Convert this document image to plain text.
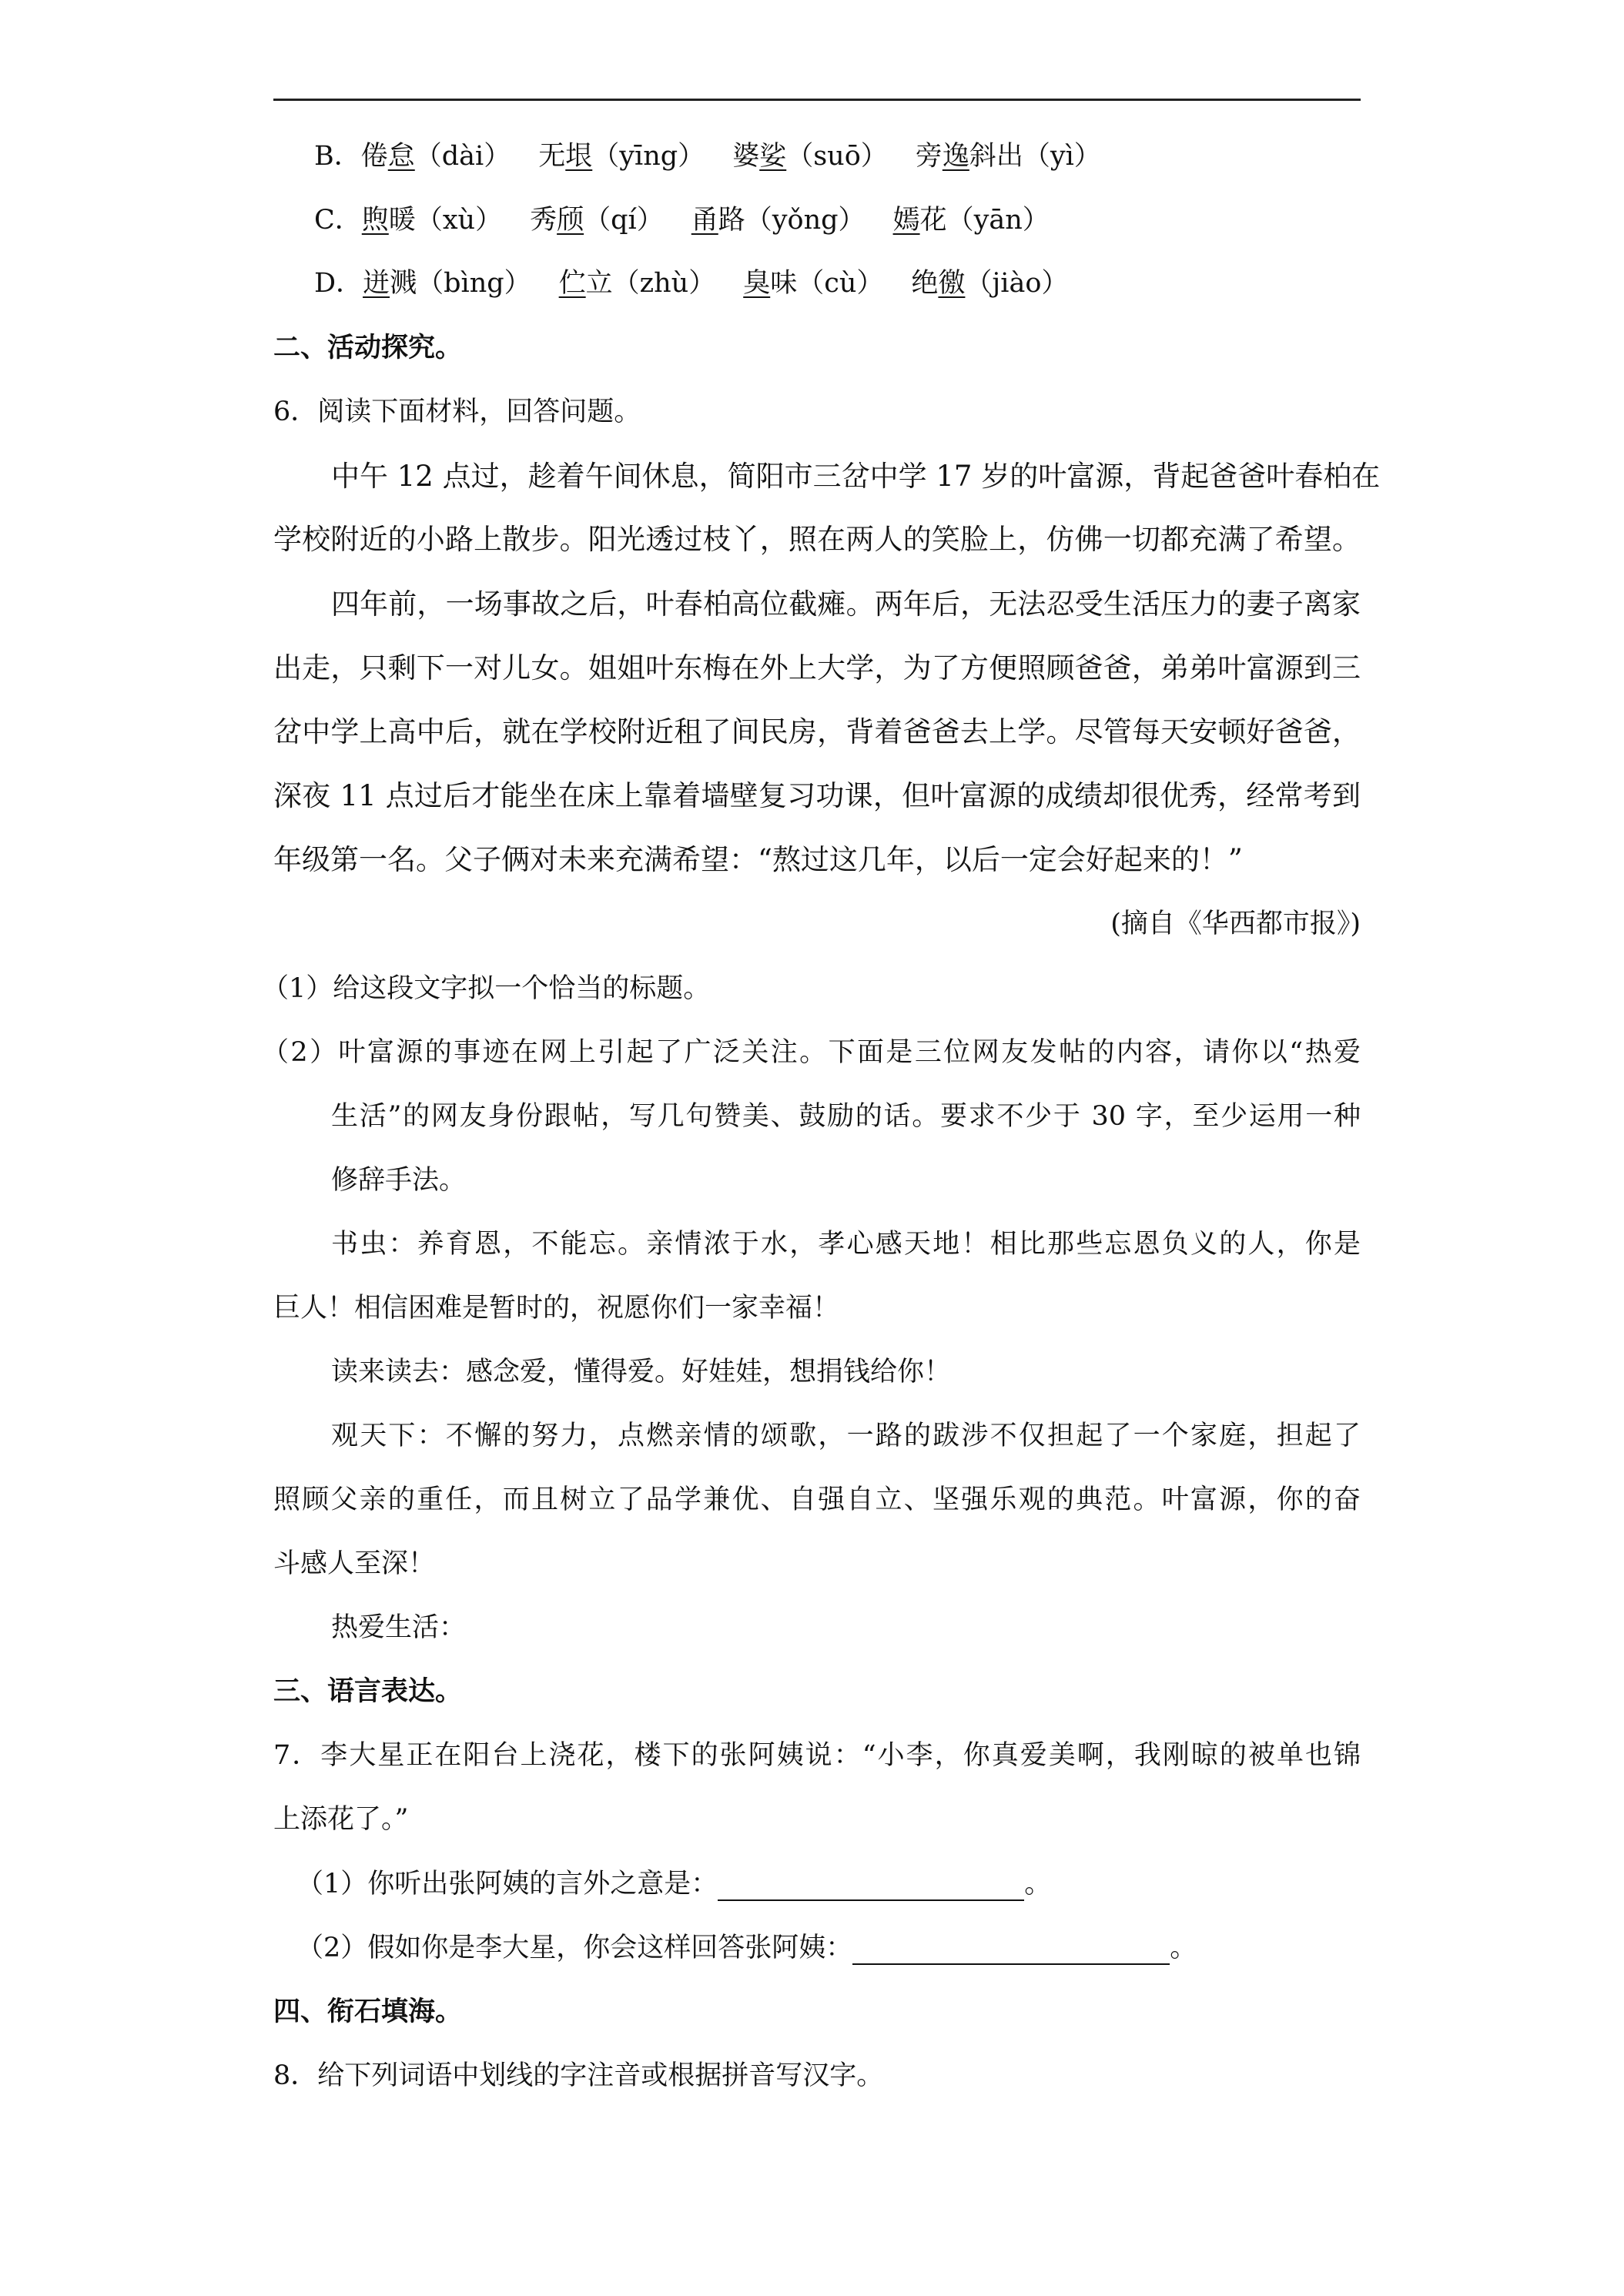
B．倦怠（dài） 无垠（yīng） 婆娑（suō） 旁逸斜出（yì）
C．煦暖（xù） 秀颀（qí） 甬路（yǒng） 嫣花（yān）
D．迸溅（bìng） 伫立（zhù） 臭味（cù） 绝徼（jiào）
二、活动探究。
6．阅读下面材料，回答问题。
中午 12 点过，趁着午间休息，简阳市三岔中学 17 岁的叶富源，背起爸爸叶春柏在
学校附近的小路上散步。阳光透过枝丫，照在两人的笑脸上，仿佛一切都充满了希望。
四年前，一场事故之后，叶春柏高位截瘫。两年后，无法忍受生活压力的妻子离家
出走，只剩下一对儿女。姐姐叶东梅在外上大学，为了方便照顾爸爸，弟弟叶富源到三
岔中学上高中后，就在学校附近租了间民房，背着爸爸去上学。尽管每天安顿好爸爸，
深夜 11 点过后才能坐在床上靠着墙壁复习功课，但叶富源的成绩却很优秀，经常考到
年级第一名。父子俩对未来充满希望：“熬过这几年，以后一定会好起来的！”
(摘自《华西都市报》)
（1）给这段文字拟一个恰当的标题。
（2）叶富源的事迹在网上引起了广泛关注。下面是三位网友发帖的内容，请你以“热爱
生活”的网友身份跟帖，写几句赞美、鼓励的话。要求不少于 30 字，至少运用一种
修辞手法。
书虫：养育恩，不能忘。亲情浓于水，孝心感天地！相比那些忘恩负义的人，你是
巨人！相信困难是暂时的，祝愿你们一家幸福！
读来读去：感念爱，懂得爱。好娃娃，想捐钱给你！
观天下：不懈的努力，点燃亲情的颂歌，一路的跋涉不仅担起了一个家庭，担起了
照顾父亲的重任，而且树立了品学兼优、自强自立、坚强乐观的典范。叶富源，你的奋
斗感人至深！
热爱生活：
三、语言表达。
7．李大星正在阳台上浇花，楼下的张阿姨说：“小李，你真爱美啊，我刚晾的被单也锦
上添花了。”
（1）你听出张阿姨的言外之意是：	。
（2）假如你是李大星，你会这样回答张阿姨：	。
四、衔石填海。
8．给下列词语中划线的字注音或根据拼音写汉字。
